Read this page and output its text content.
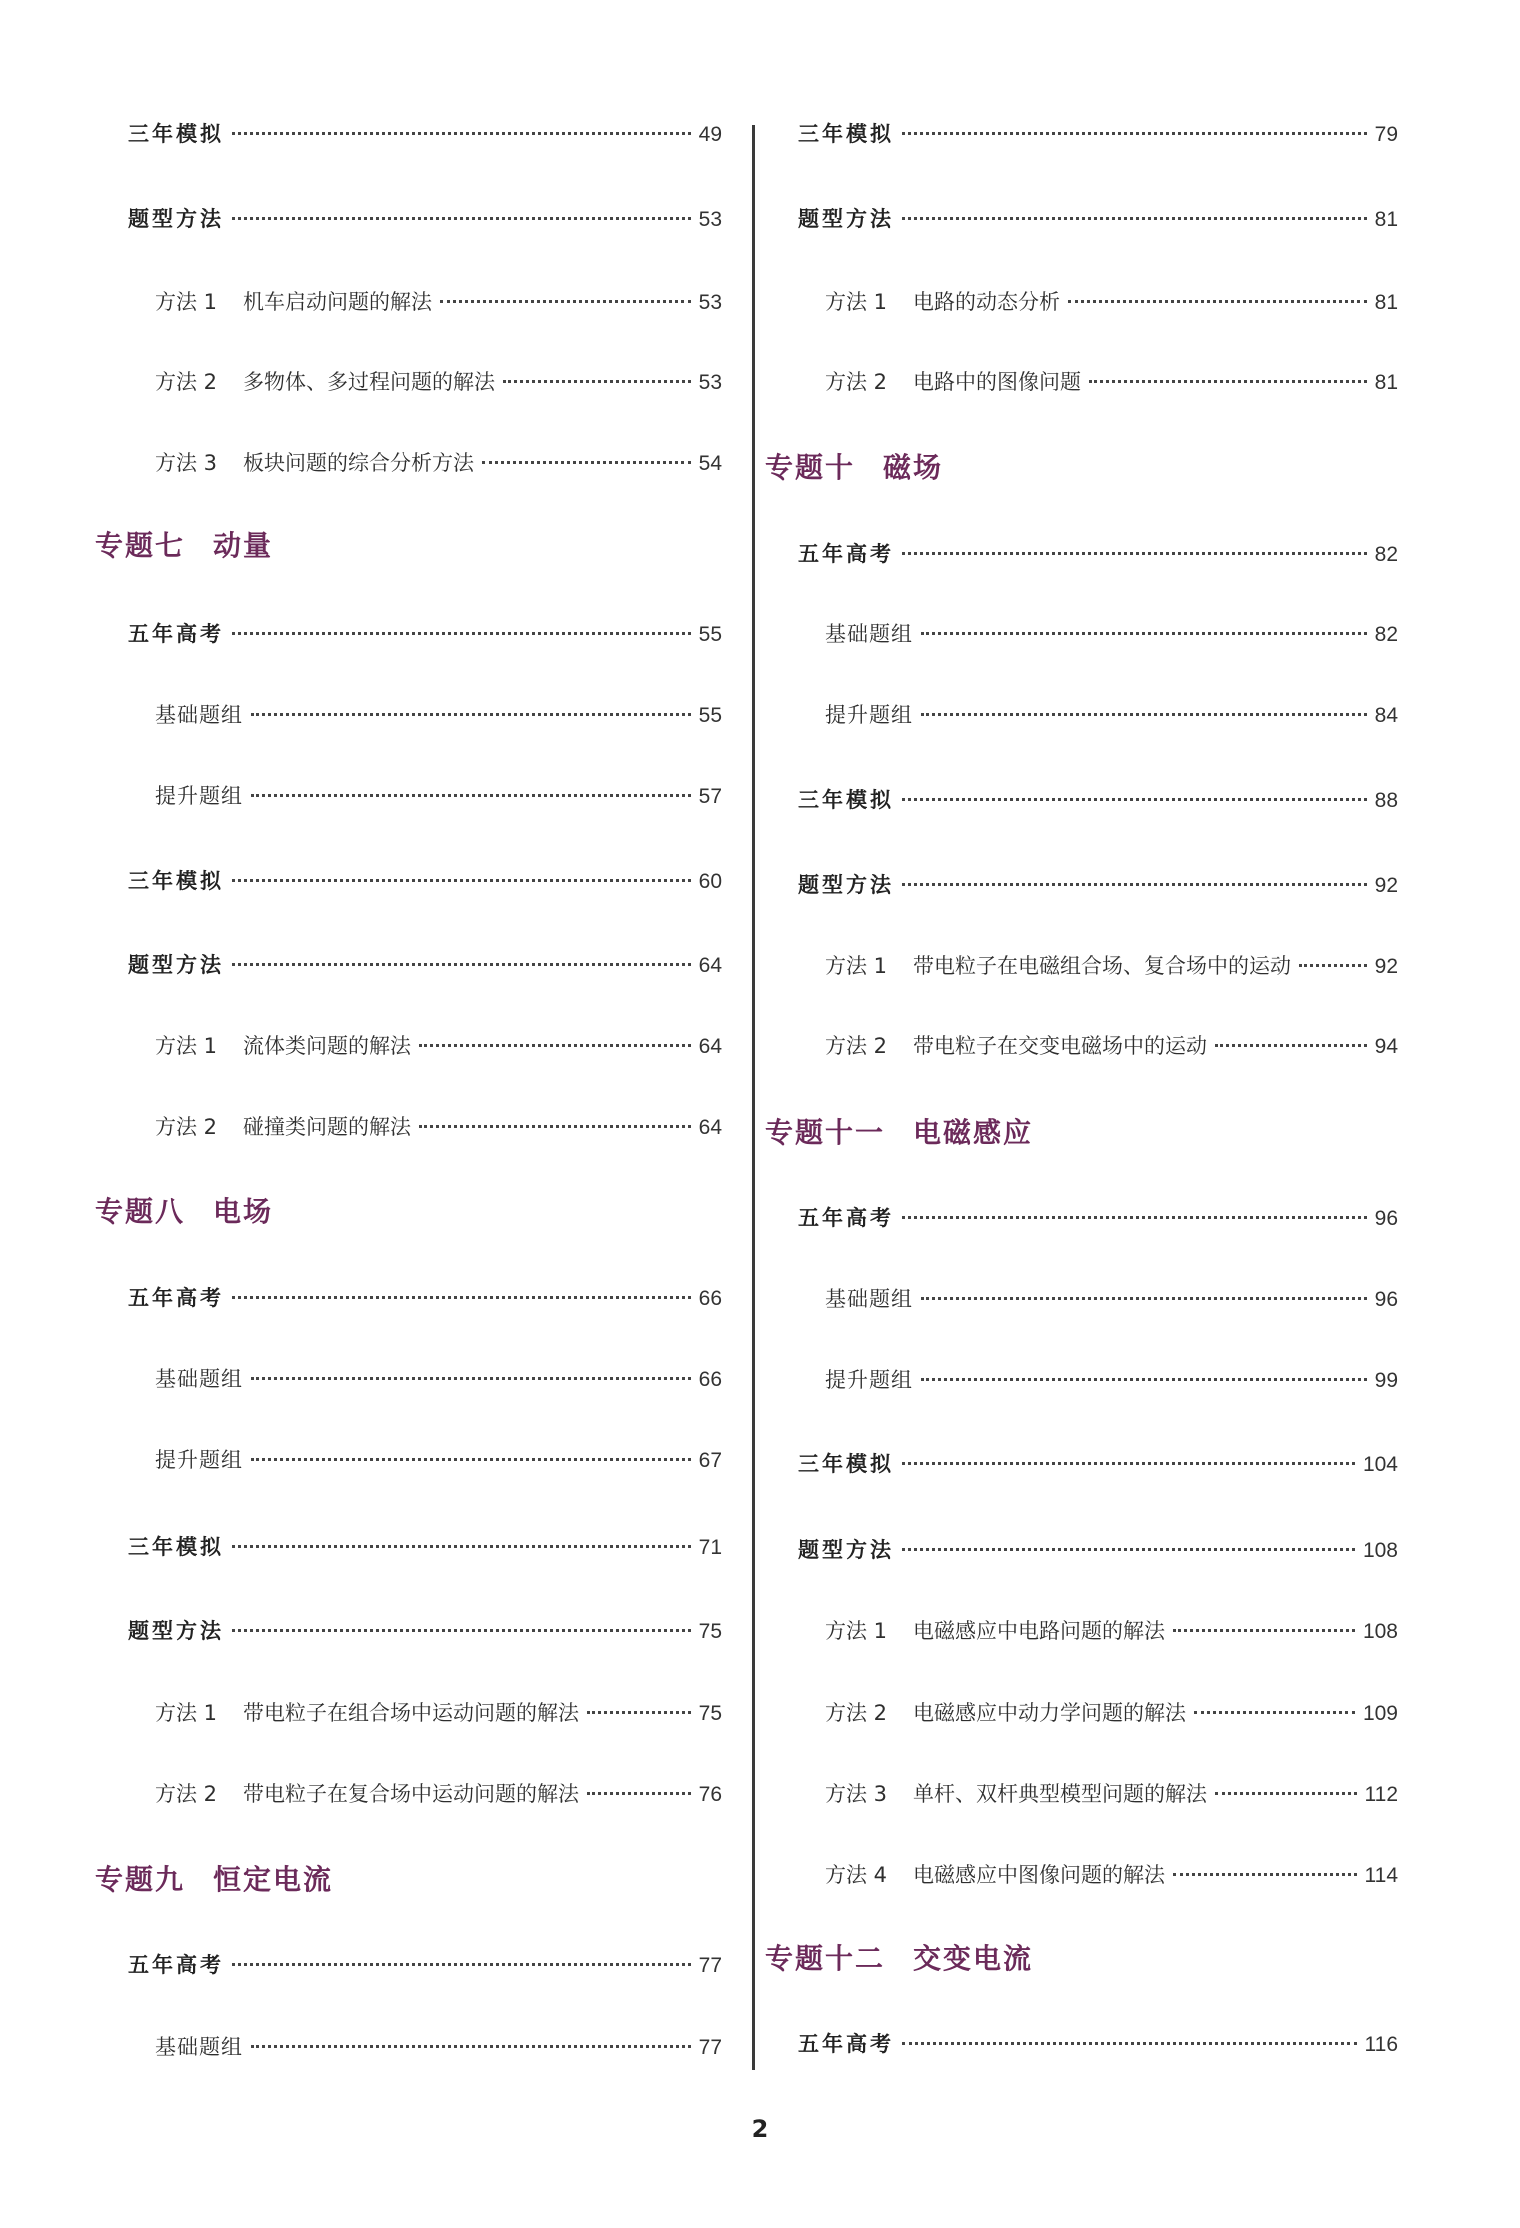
三年模拟	49
题型方法	53
方法 1	机车启动问题的解法	53
方法 2	多物体、多过程问题的解法	53
方法 3	板块问题的综合分析方法	54
专题七 动量
五年高考	55
基础题组	55
提升题组	57
三年模拟	60
题型方法	64
方法 1	流体类问题的解法	64
方法 2	碰撞类问题的解法	64
专题八 电场
五年高考	66
基础题组	66
提升题组	67
三年模拟	71
题型方法	75
方法 1	带电粒子在组合场中运动问题的解法	75
方法 2	带电粒子在复合场中运动问题的解法	76
专题九 恒定电流
五年高考	77
基础题组	77
三年模拟	79
题型方法	81
方法 1	电路的动态分析	81
方法 2	电路中的图像问题	81
专题十 磁场
五年高考	82
基础题组	82
提升题组	84
三年模拟	88
题型方法	92
方法 1	带电粒子在电磁组合场、复合场中的运动	92
方法 2	带电粒子在交变电磁场中的运动	94
专题十一 电磁感应
五年高考	96
基础题组	96
提升题组	99
三年模拟	104
题型方法	108
方法 1	电磁感应中电路问题的解法	108
方法 2	电磁感应中动力学问题的解法	109
方法 3	单杆、双杆典型模型问题的解法	112
方法 4	电磁感应中图像问题的解法	114
专题十二 交变电流
五年高考	116
2
